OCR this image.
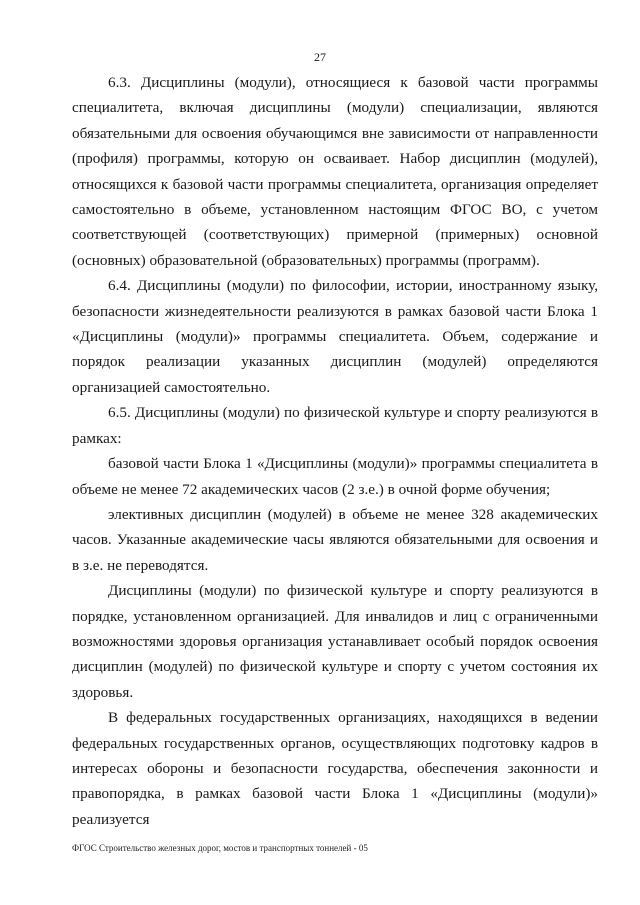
27

6.3. Дисциплины (модули), относящиеся к базовой части программы специалитета, включая дисциплины (модули) специализации, являются обязательными для освоения обучающимся вне зависимости от направленности (профиля) программы, которую он осваивает. Набор дисциплин (модулей), относящихся к базовой части программы специалитета, организация определяет самостоятельно в объеме, установленном настоящим ФГОС ВО, с учетом соответствующей (соответствующих) примерной (примерных) основной (основных) образовательной (образовательных) программы (программ).

6.4. Дисциплины (модули) по философии, истории, иностранному языку, безопасности жизнедеятельности реализуются в рамках базовой части Блока 1 «Дисциплины (модули)» программы специалитета. Объем, содержание и порядок реализации указанных дисциплин (модулей) определяются организацией самостоятельно.

6.5. Дисциплины (модули) по физической культуре и спорту реализуются в рамках:

базовой части Блока 1 «Дисциплины (модули)» программы специалитета в объеме не менее 72 академических часов (2 з.е.) в очной форме обучения;

элективных дисциплин (модулей) в объеме не менее 328 академических часов. Указанные академические часы являются обязательными для освоения и в з.е. не переводятся.

Дисциплины (модули) по физической культуре и спорту реализуются в порядке, установленном организацией. Для инвалидов и лиц с ограниченными возможностями здоровья организация устанавливает особый порядок освоения дисциплин (модулей) по физической культуре и спорту с учетом состояния их здоровья.

В федеральных государственных организациях, находящихся в ведении федеральных государственных органов, осуществляющих подготовку кадров в интересах обороны и безопасности государства, обеспечения законности и правопорядка, в рамках базовой части Блока 1 «Дисциплины (модули)» реализуется

ФГОС Строительство железных дорог, мостов и транспортных тоннелей - 05
